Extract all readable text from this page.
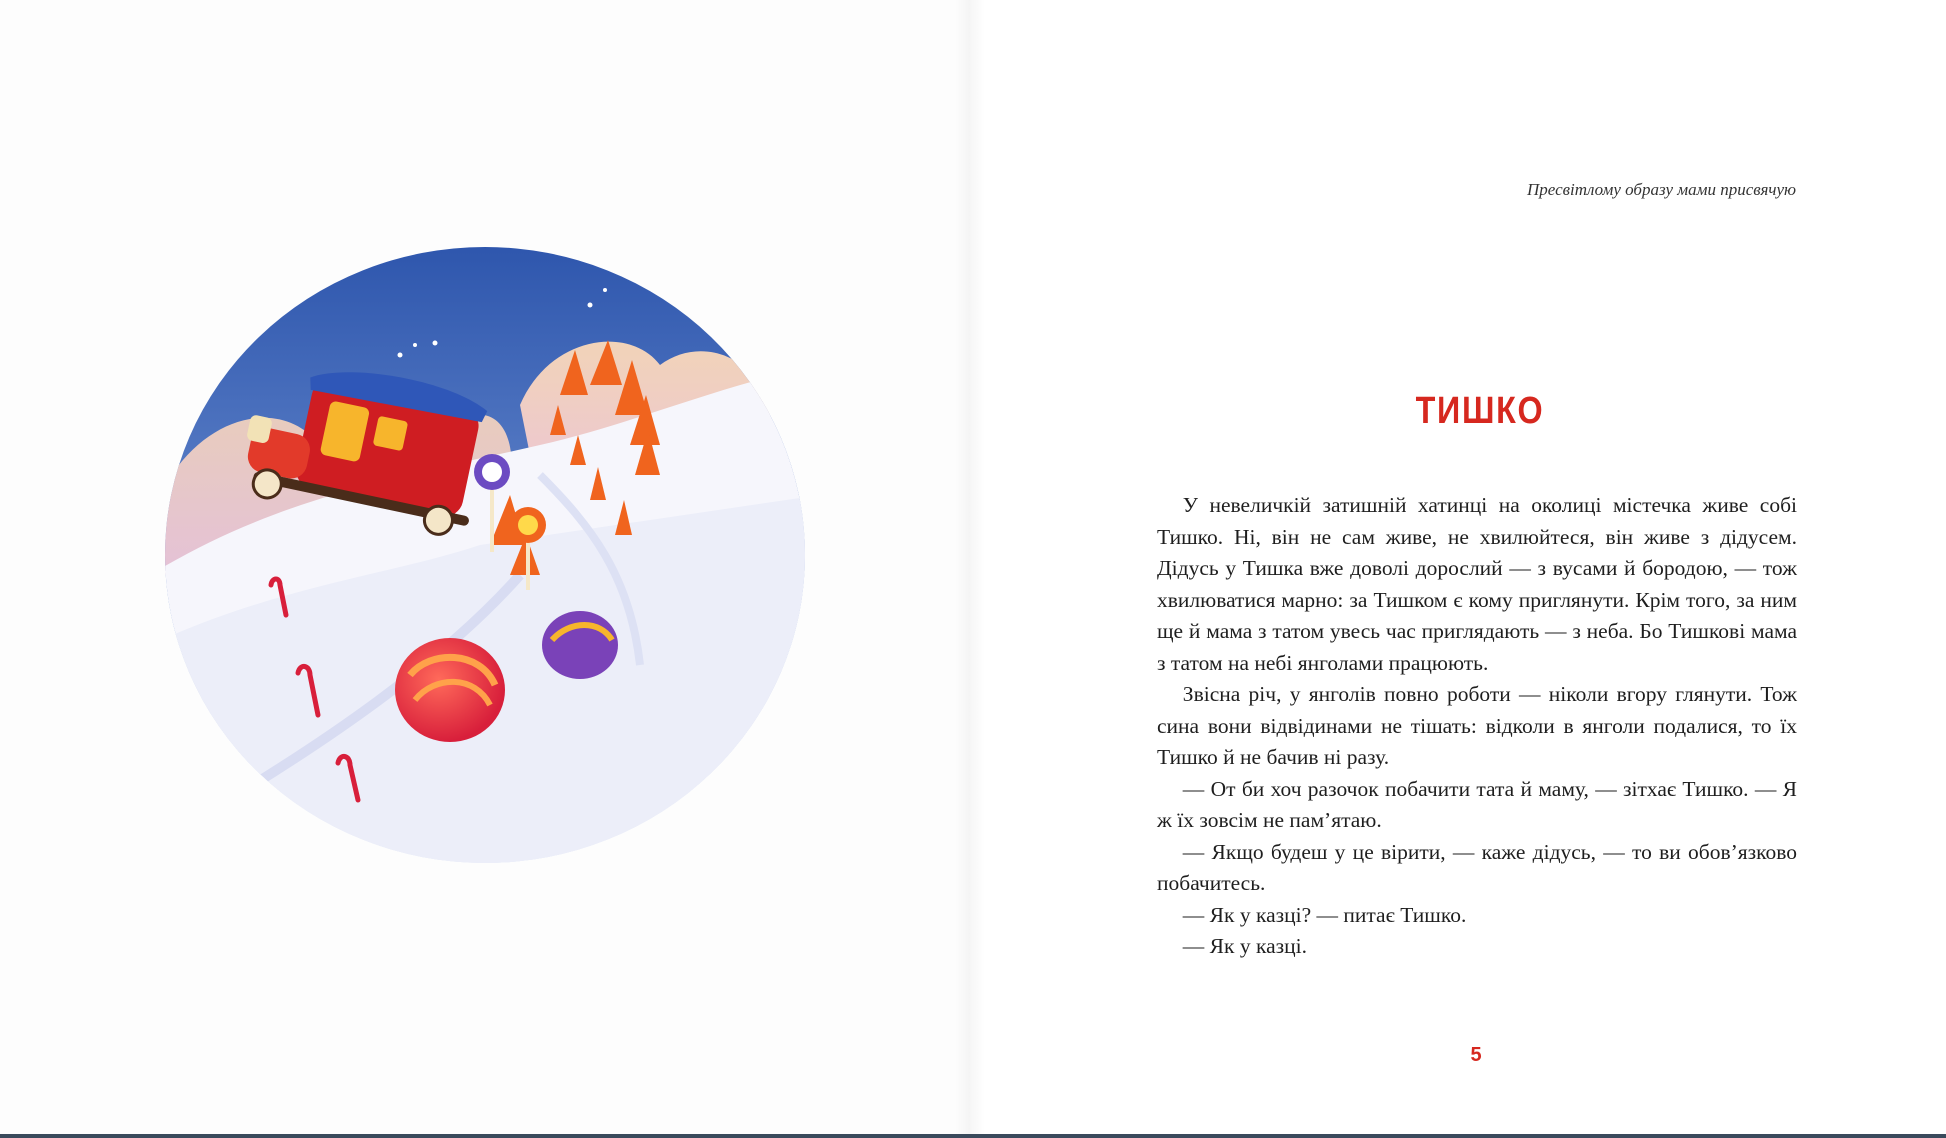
Пресвітлому образу мами присвячую
ТИШКО

У невеличкій затишній хатинці на околиці містечка живе собі Тишко. Ні, він не сам живе, не хвилюйтеся, він живе з дідусем. Дідусь у Тишка вже доволі дорослий — з вусами й бородою, — тож хвилюватися марно: за Тишком є кому приглянути. Крім того, за ним ще й мама з татом увесь час приглядають — з неба. Бо Тишкові мама з татом на небі янголами працюють.

Звісна річ, у янголів повно роботи — ніколи вгору глянути. Тож сина вони відвідинами не тішать: відколи в янголи подалися, то їх Тишко й не бачив ні разу.

— От би хоч разочок побачити тата й маму, — зітхає Тишко. — Я ж їх зовсім не пам’ятаю.

— Якщо будеш у це вірити, — каже дідусь, — то ви обов’язково побачитесь.

— Як у казці? — питає Тишко.

— Як у казці.

5
